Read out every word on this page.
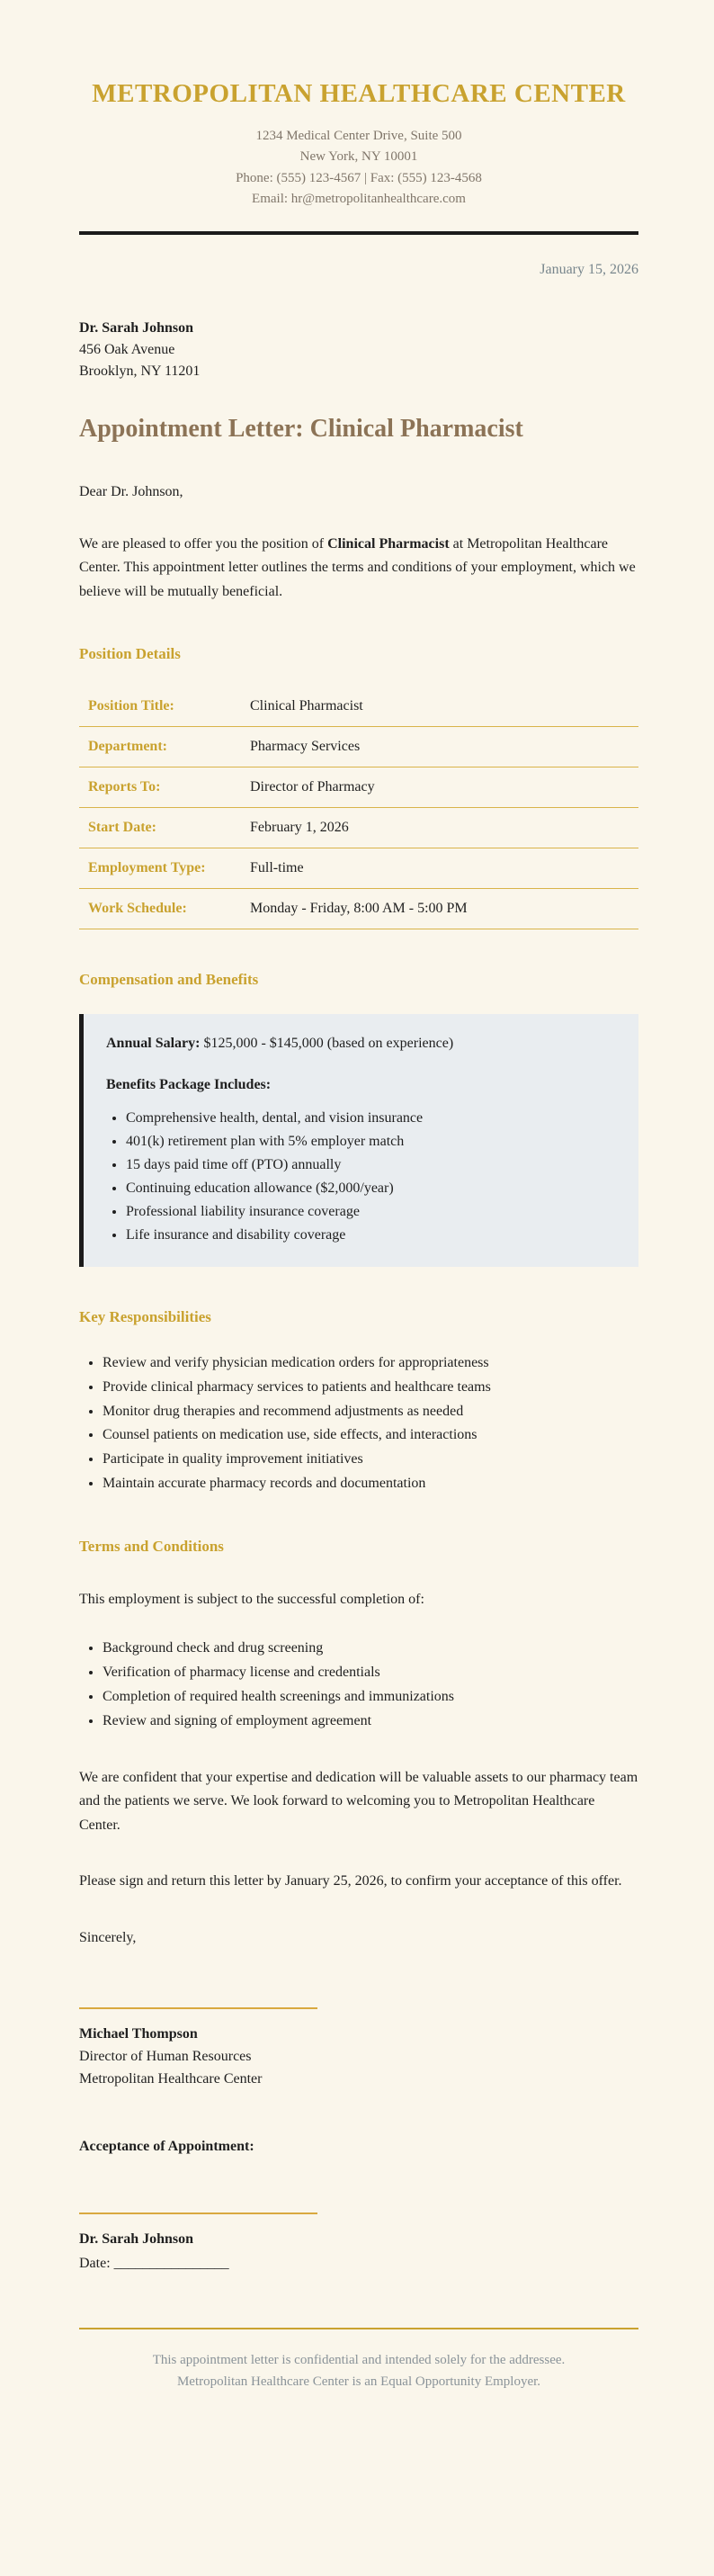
METROPOLITAN HEALTHCARE CENTER

1234 Medical Center Drive, Suite 500

New York, NY 10001

Phone: (555) 123-4567 | Fax: (555) 123-4568

Email: hr@metropolitanhealthcare.com

January 15, 2026

Dr. Sarah Johnson

456 Oak Avenue

Brooklyn, NY 11201

Appointment Letter: Clinical Pharmacist

Dear Dr. Johnson,

We are pleased to offer you the position of Clinical Pharmacist at Metropolitan Healthcare Center. This appointment letter outlines the terms and conditions of your employment, which we believe will be mutually beneficial.

Position Details
Position Title:	Clinical Pharmacist
Department:	Pharmacy Services
Reports To:	Director of Pharmacy
Start Date:	February 1, 2026
Employment Type:	Full-time
Work Schedule:	Monday - Friday, 8:00 AM - 5:00 PM
Compensation and Benefits

Annual Salary: $125,000 - $145,000 (based on experience)

Benefits Package Includes:

• Comprehensive health, dental, and vision insurance
• 401(k) retirement plan with 5% employer match
• 15 days paid time off (PTO) annually
• Continuing education allowance ($2,000/year)
• Professional liability insurance coverage
• Life insurance and disability coverage
Key Responsibilities
• Review and verify physician medication orders for appropriateness
• Provide clinical pharmacy services to patients and healthcare teams
• Monitor drug therapies and recommend adjustments as needed
• Counsel patients on medication use, side effects, and interactions
• Participate in quality improvement initiatives
• Maintain accurate pharmacy records and documentation
Terms and Conditions

This employment is subject to the successful completion of:

• Background check and drug screening
• Verification of pharmacy license and credentials
• Completion of required health screenings and immunizations
• Review and signing of employment agreement

We are confident that your expertise and dedication will be valuable assets to our pharmacy team and the patients we serve. We look forward to welcoming you to Metropolitan Healthcare Center.

Please sign and return this letter by January 25, 2026, to confirm your acceptance of this offer.

Sincerely,

Michael Thompson

Director of Human Resources

Metropolitan Healthcare Center

Acceptance of Appointment:

Dr. Sarah Johnson

Date: ________________

This appointment letter is confidential and intended solely for the addressee.

Metropolitan Healthcare Center is an Equal Opportunity Employer.
